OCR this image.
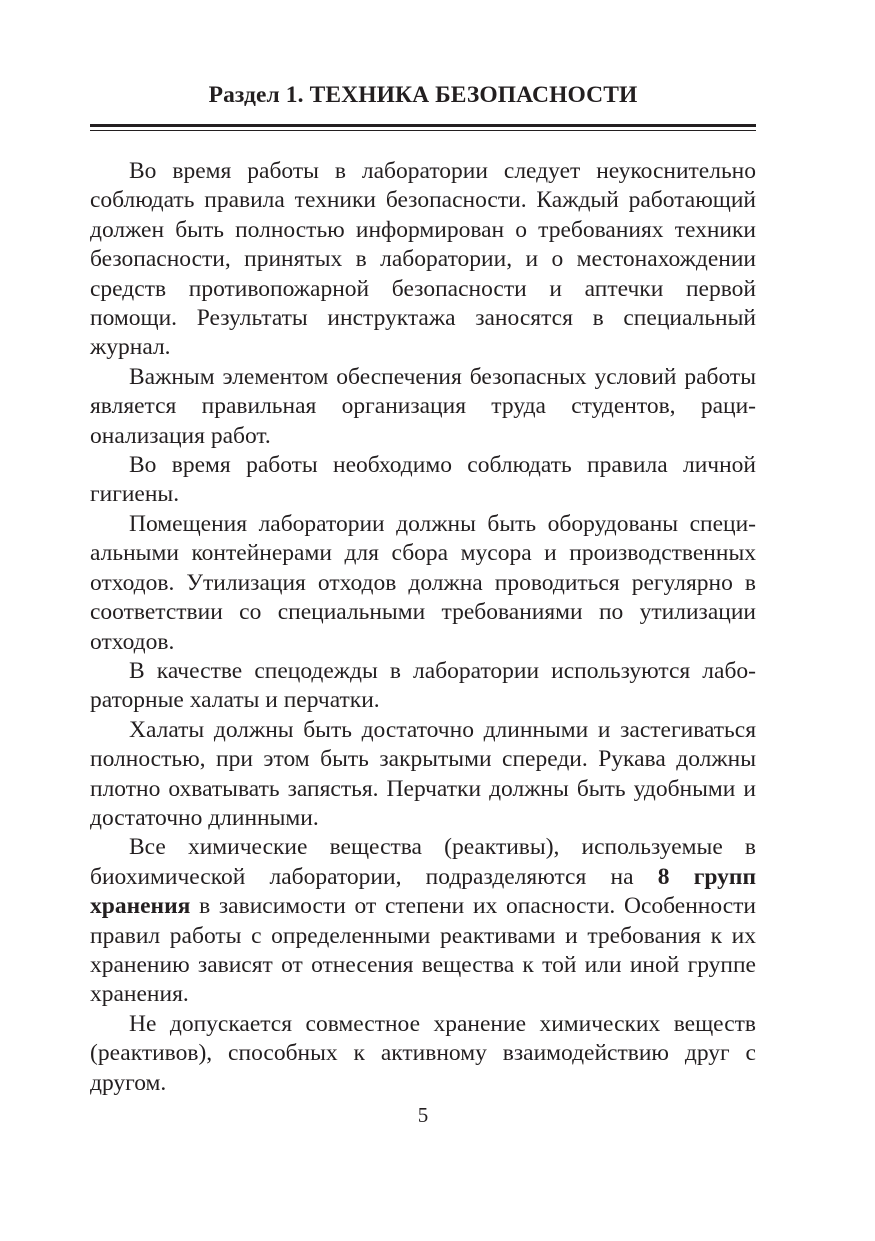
Раздел 1. ТЕХНИКА БЕЗОПАСНОСТИ

Во время работы в лаборатории следует неукоснительно соблюдать правила техники безопасности. Каждый работающий должен быть полностью информирован о требованиях техники безопасности, принятых в лаборатории, и о местонахождении средств противопожарной безопасности и аптечки первой помощи. Результаты инструктажа заносятся в специальный журнал.

Важным элементом обеспечения безопасных условий работы является правильная организация труда студентов, рационализация работ.

Во время работы необходимо соблюдать правила личной гигиены.

Помещения лаборатории должны быть оборудованы специальными контейнерами для сбора мусора и производственных отходов. Утилизация отходов должна проводиться регулярно в соответствии со специальными требованиями по утилизации отходов.

В качестве спецодежды в лаборатории используются лабораторные халаты и перчатки.

Халаты должны быть достаточно длинными и застегиваться полностью, при этом быть закрытыми спереди. Рукава должны плотно охватывать запястья. Перчатки должны быть удобными и достаточно длинными.

Все химические вещества (реактивы), используемые в биохимической лаборатории, подразделяются на 8 групп хранения в зависимости от степени их опасности. Особенности правил работы с определенными реактивами и требования к их хранению зависят от отнесения вещества к той или иной группе хранения.

Не допускается совместное хранение химических веществ (реактивов), способных к активному взаимодействию друг с другом.

5
